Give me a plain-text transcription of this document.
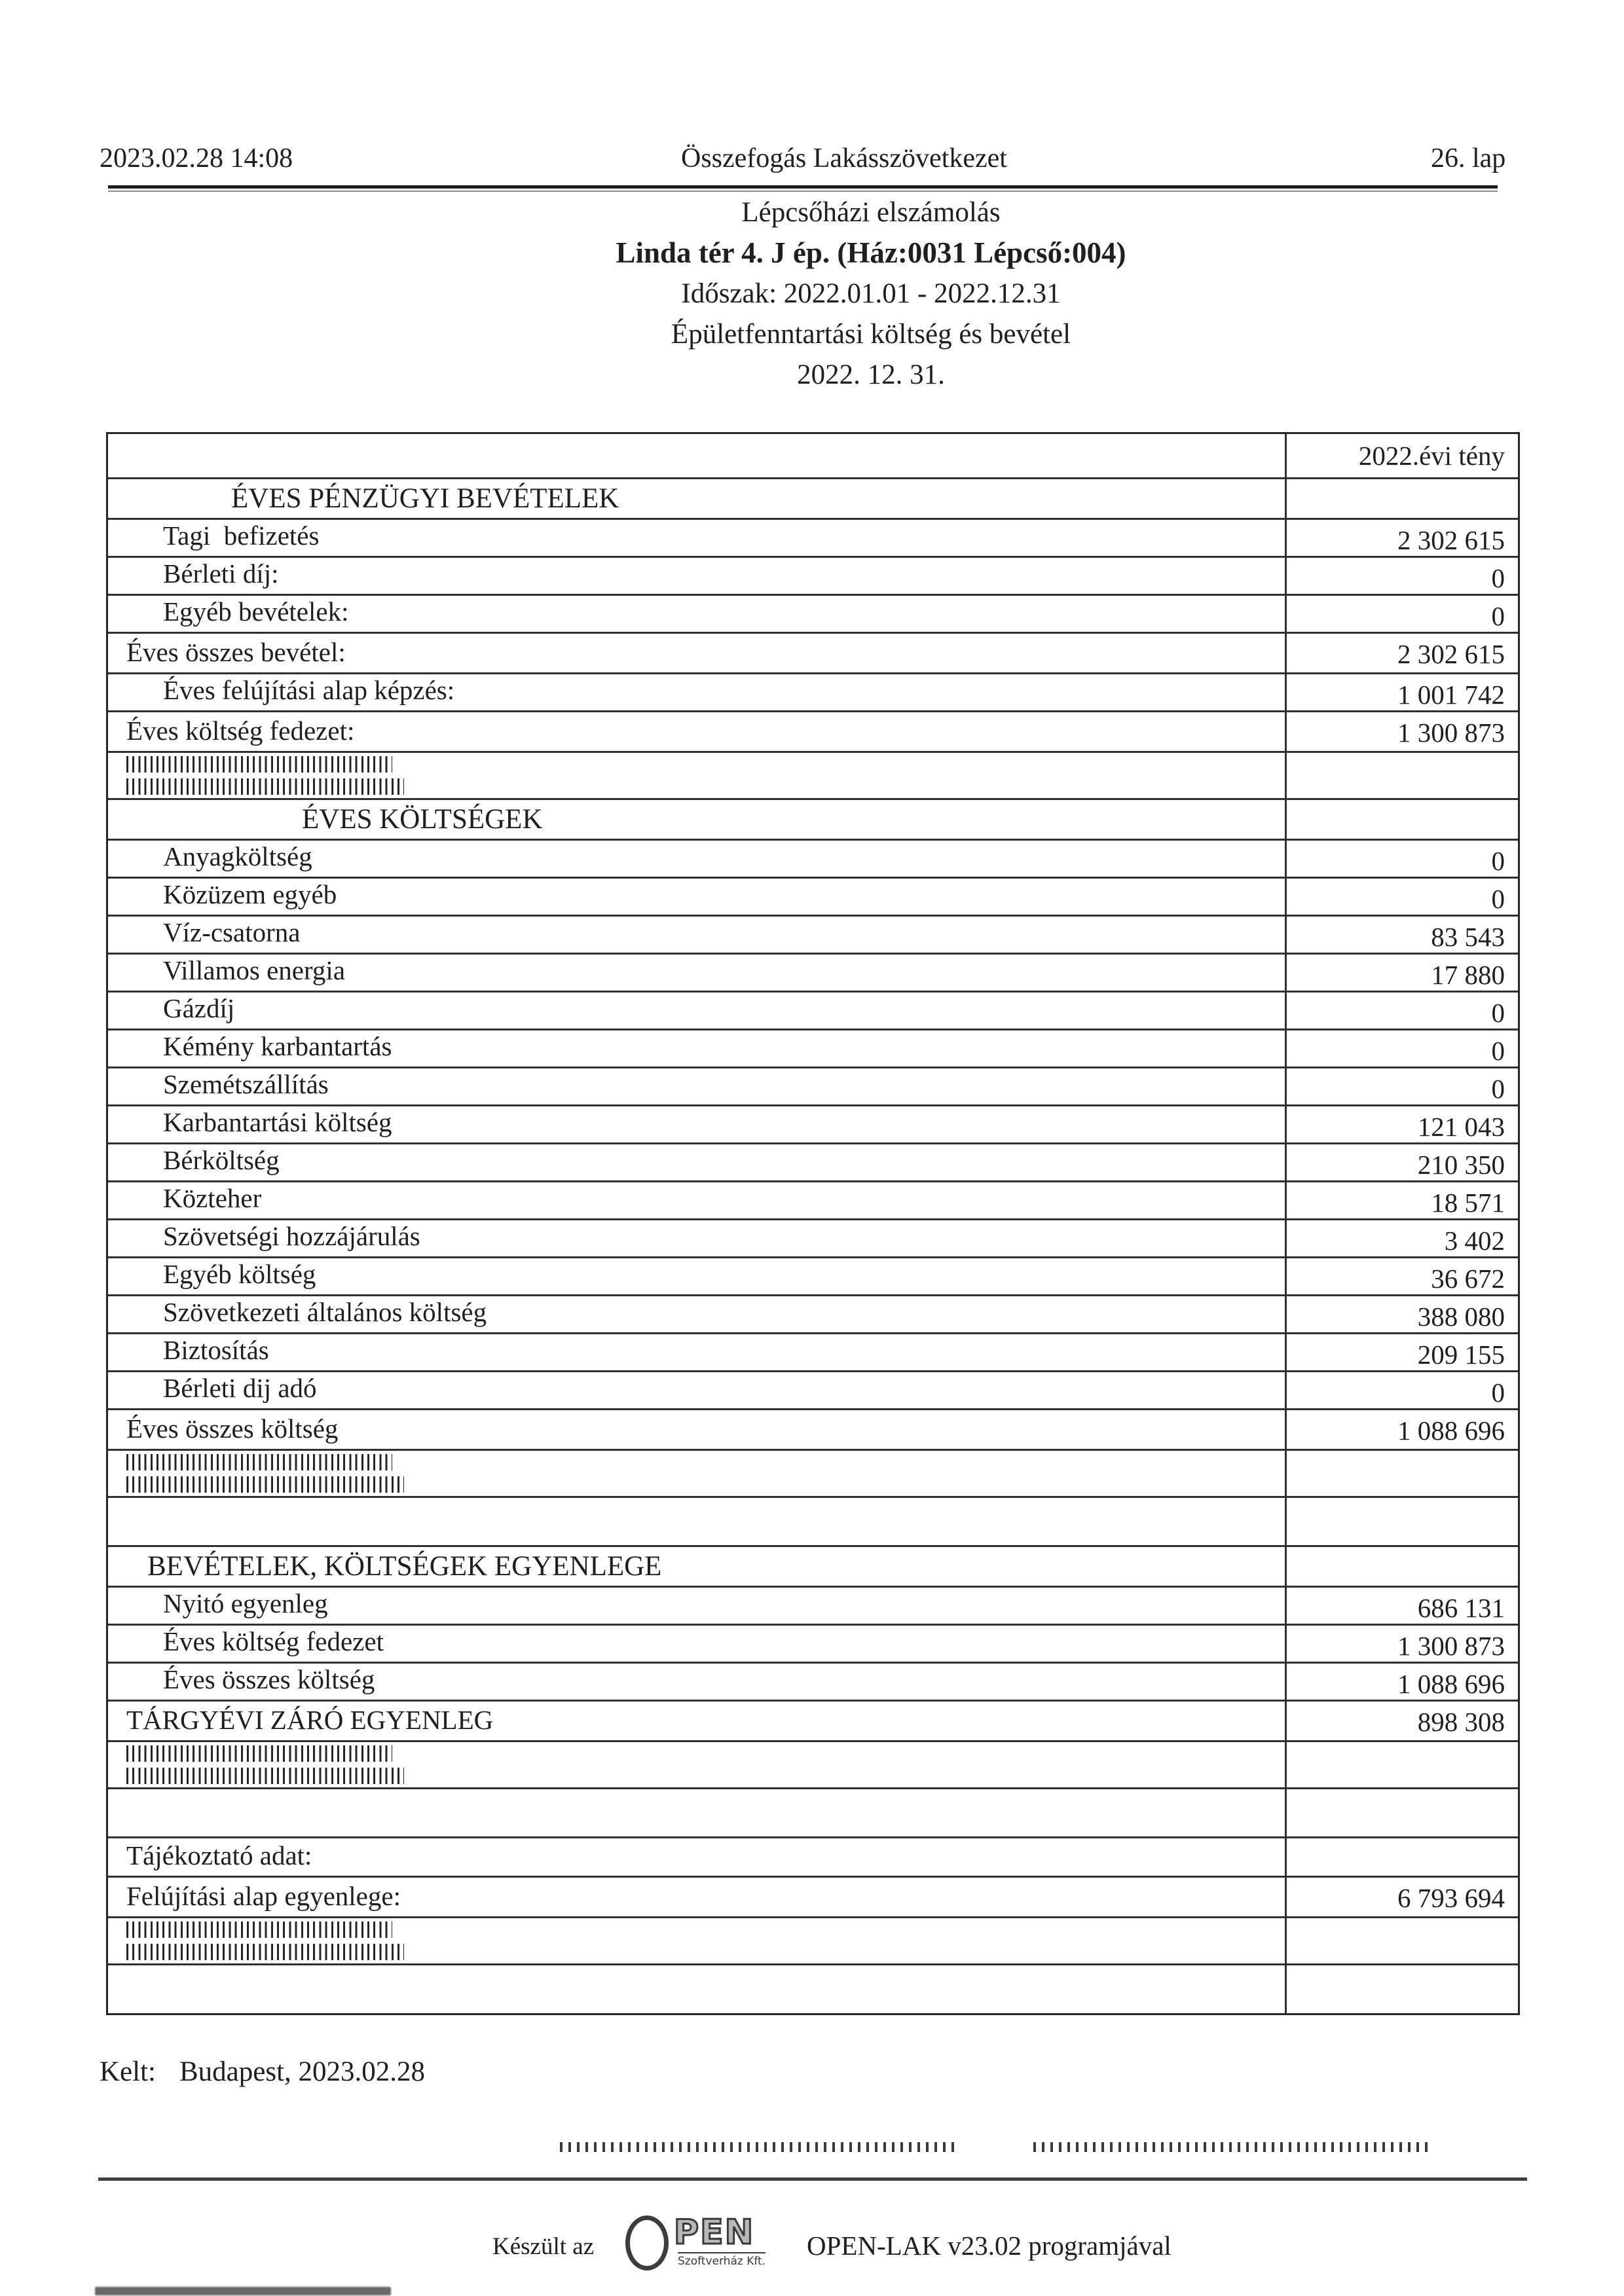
2023.02.28 14:08	Összefogás Lakásszövetkezet	26. lap
Lépcsőházi elszámolás
Linda tér 4. J ép. (Ház:0031 Lépcső:004)
Időszak: 2022.01.01 - 2022.12.31
Épületfenntartási költség és bevétel
2022. 12. 31.
2022.évi tény
ÉVES PÉNZÜGYI BEVÉTELEK
Tagi  befizetés	2 302 615
Bérleti díj:	0
Egyéb bevételek:	0
Éves összes bevétel:	2 302 615
Éves felújítási alap képzés:	1 001 742
Éves költség fedezet:	1 300 873
ÉVES KÖLTSÉGEK
Anyagköltség	0
Közüzem egyéb	0
Víz-csatorna	83 543
Villamos energia	17 880
Gázdíj	0
Kémény karbantartás	0
Szemétszállítás	0
Karbantartási költség	121 043
Bérköltség	210 350
Közteher	18 571
Szövetségi hozzájárulás	3 402
Egyéb költség	36 672
Szövetkezeti általános költség	388 080
Biztosítás	209 155
Bérleti dij adó	0
Éves összes költség	1 088 696
BEVÉTELEK, KÖLTSÉGEK EGYENLEGE
Nyitó egyenleg	686 131
Éves költség fedezet	1 300 873
Éves összes költség	1 088 696
TÁRGYÉVI ZÁRÓ EGYENLEG	898 308
Tájékoztató adat:
Felújítási alap egyenlege:	6 793 694
Kelt: Budapest, 2023.02.28
Készült az PEN
Szoftverház Kft.
OPEN-LAK v23.02 programjával
